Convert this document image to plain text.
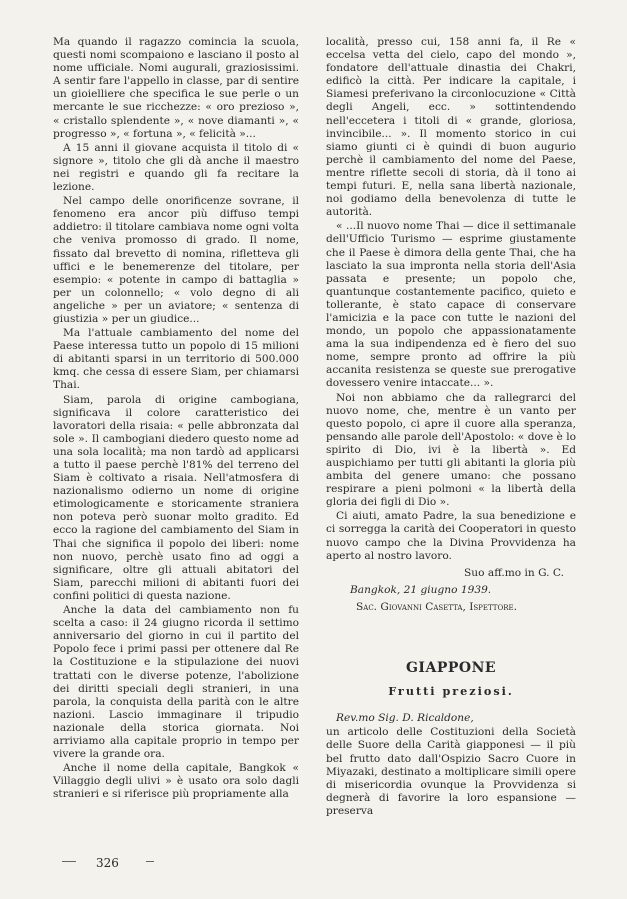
Ma quando il ragazzo comincia la scuola, questi nomi scompaiono e lasciano il posto al nome ufficiale. Nomi augurali, graziosissimi. A sentir fare l'appello in classe, par di sentire un gioielliere che specifica le sue perle o un mercante le sue ricchezze: « oro prezioso », « cristallo splendente », « nove diamanti », « progresso », « fortuna », « felicità »...

A 15 anni il giovane acquista il titolo di « signore », titolo che gli dà anche il maestro nei registri e quando gli fa recitare la lezione.

Nel campo delle onorificenze sovrane, il fenomeno era ancor più diffuso tempi addietro: il titolare cambiava nome ogni volta che veniva promosso di grado. Il nome, fissato dal brevetto di nomina, rifletteva gli uffici e le benemerenze del titolare, per esempio: « potente in campo di battaglia » per un colonnello; « volo degno di ali angeliche » per un aviatore; « sentenza di giustizia » per un giudice...

Ma l'attuale cambiamento del nome del Paese interessa tutto un popolo di 15 milioni di abitanti sparsi in un territorio di 500.000 kmq. che cessa di essere Siam, per chiamarsi Thai.

Siam, parola di origine cambogiana, significava il colore caratteristico dei lavoratori della risaia: « pelle abbronzata dal sole ». Il cambogiani diedero questo nome ad una sola località; ma non tardò ad applicarsi a tutto il paese perchè l'81% del terreno del Siam è coltivato a risaia. Nell'atmosfera di nazionalismo odierno un nome di origine etimologicamente e storicamente straniera non poteva però suonar molto gradito. Ed ecco la ragione del cambiamento del Siam in Thai che significa il popolo dei liberi: nome non nuovo, perchè usato fino ad oggi a significare, oltre gli attuali abitatori del Siam, parecchi milioni di abitanti fuori dei confini politici di questa nazione.

Anche la data del cambiamento non fu scelta a caso: il 24 giugno ricorda il settimo anniversario del giorno in cui il partito del Popolo fece i primi passi per ottenere dal Re la Costituzione e la stipulazione dei nuovi trattati con le diverse potenze, l'abolizione dei diritti speciali degli stranieri, in una parola, la conquista della parità con le altre nazioni. Lascio immaginare il tripudio nazionale della storica giornata. Noi arriviamo alla capitale proprio in tempo per vivere la grande ora.

Anche il nome della capitale, Bangkok « Villaggio degli ulivi » è usato ora solo dagli stranieri e si riferisce più propriamente alla

località, presso cui, 158 anni fa, il Re « eccelsa vetta del cielo, capo del mondo », fondatore dell'attuale dinastia dei Chakri, edificò la città. Per indicare la capitale, i Siamesi preferivano la circonlocuzione « Città degli Angeli, ecc. » sottintendendo nell'eccetera i titoli di « grande, gloriosa, invincibile... ». Il momento storico in cui siamo giunti ci è quindi di buon augurio perchè il cambiamento del nome del Paese, mentre riflette secoli di storia, dà il tono ai tempi futuri. E, nella sana libertà nazionale, noi godiamo della benevolenza di tutte le autorità.

« ...Il nuovo nome Thai — dice il settimanale dell'Ufficio Turismo — esprime giustamente che il Paese è dimora della gente Thai, che ha lasciato la sua impronta nella storia dell'Asia passata e presente; un popolo che, quantunque costantemente pacifico, quieto e tollerante, è stato capace di conservare l'amicizia e la pace con tutte le nazioni del mondo, un popolo che appassionatamente ama la sua indipendenza ed è fiero del suo nome, sempre pronto ad offrire la più accanita resistenza se queste sue prerogative dovessero venire intaccate... ».

Noi non abbiamo che da rallegrarci del nuovo nome, che, mentre è un vanto per questo popolo, ci apre il cuore alla speranza, pensando alle parole dell'Apostolo: « dove è lo spirito di Dio, ivi è la libertà ». Ed auspichiamo per tutti gli abitanti la gloria più ambita del genere umano: che possano respirare a pieni polmoni « la libertà della gloria dei figli di Dio ».

Ci aiuti, amato Padre, la sua benedizione e ci sorregga la carità dei Cooperatori in questo nuovo campo che la Divina Provvidenza ha aperto al nostro lavoro.

Suo aff.mo in G. C.
Bangkok, 21 giugno 1939.
Sac. Giovanni Casetta, Ispettore.
GIAPPONE
Frutti preziosi.

Rev.mo Sig. D. Ricaldone,

un articolo delle Costituzioni della Società delle Suore della Carità giapponesi — il più bel frutto dato dall'Ospizio Sacro Cuore in Miyazaki, destinato a moltiplicare simili opere di misericordia ovunque la Provvidenza si degnerà di favorire la loro espansione — preserva

326
